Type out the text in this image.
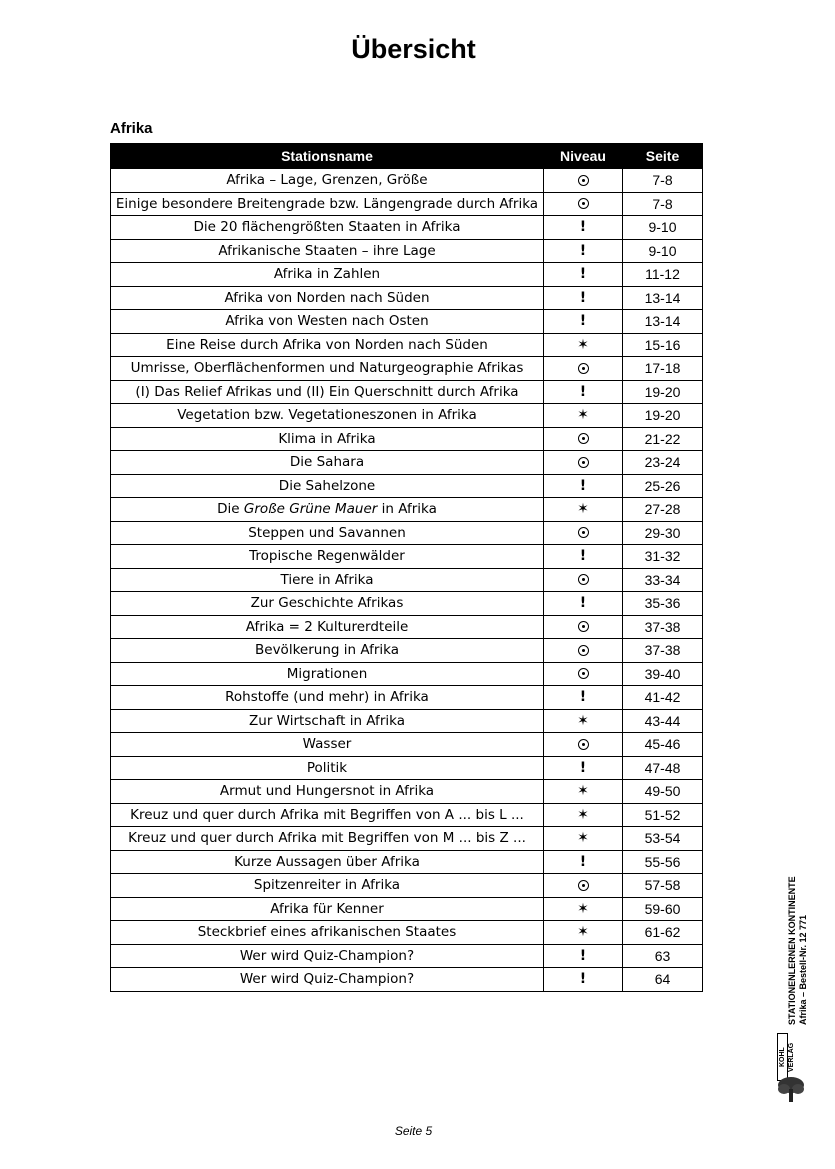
Übersicht
Afrika
Stationsname	Niveau	Seite
Afrika – Lage, Grenzen, Größe		7-8
Einige besondere Breitengrade bzw. Längengrade durch Afrika		7-8
Die 20 flächengrößten Staaten in Afrika	!	9-10
Afrikanische Staaten – ihre Lage	!	9-10
Afrika in Zahlen	!	11-12
Afrika von Norden nach Süden	!	13-14
Afrika von Westen nach Osten	!	13-14
Eine Reise durch Afrika von Norden nach Süden	✶	15-16
Umrisse, Oberflächenformen und Naturgeographie Afrikas		17-18
(I) Das Relief Afrikas und (II) Ein Querschnitt durch Afrika	!	19-20
Vegetation bzw. Vegetationeszonen in Afrika	✶	19-20
Klima in Afrika		21-22
Die Sahara		23-24
Die Sahelzone	!	25-26
Die Große Grüne Mauer in Afrika	✶	27-28
Steppen und Savannen		29-30
Tropische Regenwälder	!	31-32
Tiere in Afrika		33-34
Zur Geschichte Afrikas	!	35-36
Afrika = 2 Kulturerdteile		37-38
Bevölkerung in Afrika		37-38
Migrationen		39-40
Rohstoffe (und mehr) in Afrika	!	41-42
Zur Wirtschaft in Afrika	✶	43-44
Wasser		45-46
Politik	!	47-48
Armut und Hungersnot in Afrika	✶	49-50
Kreuz und quer durch Afrika mit Begriffen von A ... bis L ...	✶	51-52
Kreuz und quer durch Afrika mit Begriffen von M ... bis Z ...	✶	53-54
Kurze Aussagen über Afrika	!	55-56
Spitzenreiter in Afrika		57-58
Afrika für Kenner	✶	59-60
Steckbrief eines afrikanischen Staates	✶	61-62
Wer wird Quiz-Champion?	!	63
Wer wird Quiz-Champion?	!	64
Seite 5
STATIONENLERNEN KONTINENTE Afrika – Bestell-Nr. 12 771
KOHL VERLAG
